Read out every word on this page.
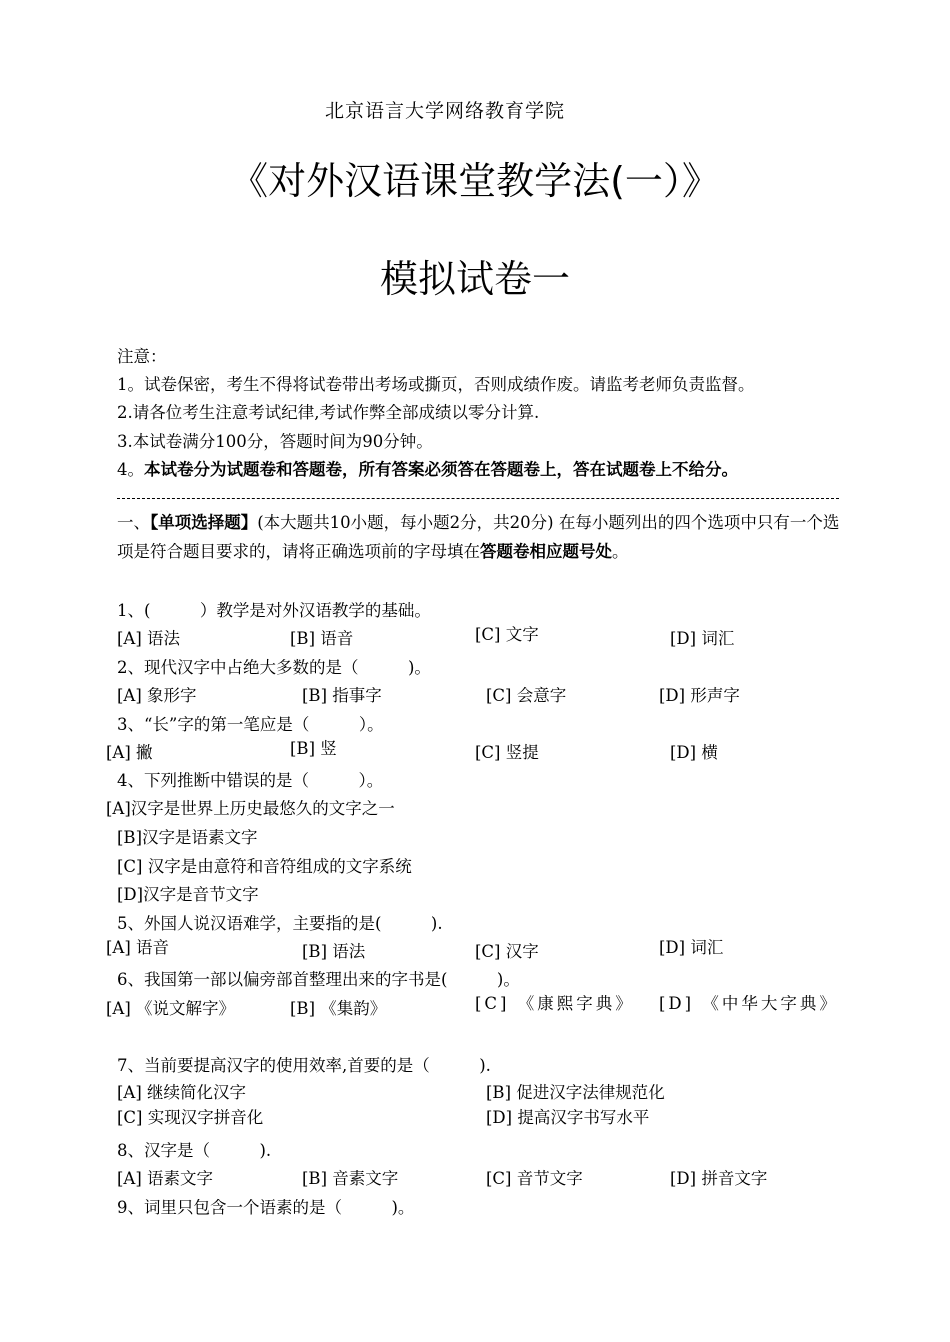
北京语言大学网络教育学院
《对外汉语课堂教学法(一）》
模拟试卷一
注意：
1。试卷保密，考生不得将试卷带出考场或撕页，否则成绩作废。请监考老师负责监督。
2.请各位考生注意考试纪律,考试作弊全部成绩以零分计算.
3.本试卷满分100分，答题时间为90分钟。
4。本试卷分为试题卷和答题卷，所有答案必须答在答题卷上，答在试题卷上不给分。
一、【单项选择题】(本大题共10小题，每小题2分，共20分) 在每小题列出的四个选项中只有一个选项是符合题目要求的，请将正确选项前的字母填在答题卷相应题号处。
1、(　　　）教学是对外汉语教学的基础。
[A] 语法	[B] 语音	[C] 文字	[D] 词汇
2、现代汉字中占绝大多数的是（　　　)。
[A] 象形字	[B] 指事字	[C] 会意字	[D] 形声字
3、“长”字的第一笔应是（　　　）。
[A] 撇	[B] 竖	[C] 竖提	[D] 横
4、下列推断中错误的是（　　　）。
[A]汉字是世界上历史最悠久的文字之一
[B]汉字是语素文字
[C] 汉字是由意符和音符组成的文字系统
[D]汉字是音节文字
5、外国人说汉语难学，主要指的是(　　　).
[A] 语音	[B] 语法	[C] 汉字	[D] 词汇
6、我国第一部以偏旁部首整理出来的字书是(　　　)。
[A] 《说文解字》	[B] 《集韵》	[C] 《康熙字典》	[D] 《中华大字典》
7、当前要提高汉字的使用效率,首要的是（　　　).
[A] 继续简化汉字	[B] 促进汉字法律规范化
[C] 实现汉字拼音化	[D] 提高汉字书写水平
8、汉字是（　　　).
[A] 语素文字	[B] 音素文字	[C] 音节文字	[D] 拼音文字
9、词里只包含一个语素的是（　　　)。
